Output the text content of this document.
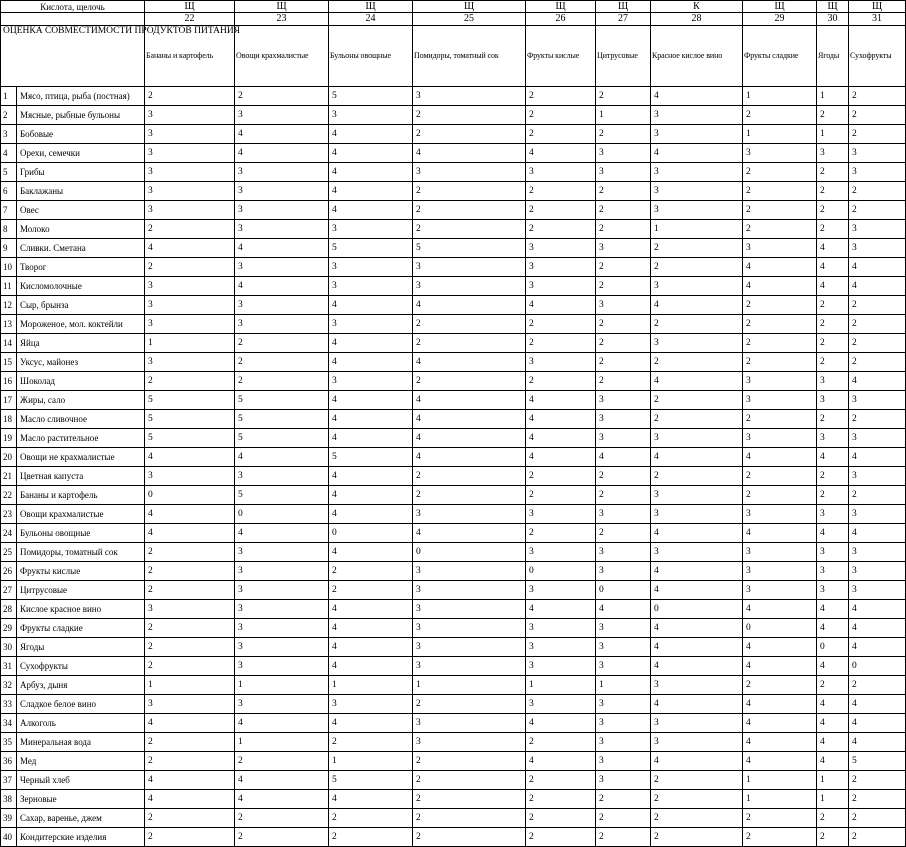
Кислота, щелочь		Щ	Щ	Щ	Щ	Щ	Щ	К	Щ	Щ	Щ
		22	23	24	25	26	27	28	29	30	31
ОЦЕНКА СОВМЕСТИМОСТИ ПРОДУКТОВ ПИТАНИЯ		Бананы и картофель	Овощи крахмалистые	Бульоны овощные	Помидоры, томатный сок	Фрукты кислые	Цитрусовые	Красное кислое вино	Фрукты сладкие	Ягоды	Сухофрукты
1	Мясо, птица, рыба (постная)	2	2	5	3	2	2	4	1	1	2
2	Мясные, рыбные бульоны	3	3	3	2	2	1	3	2	2	2
3	Бобовые	3	4	4	2	2	2	3	1	1	2
4	Орехи, семечки	3	4	4	4	4	3	4	3	3	3
5	Грибы	3	3	4	3	3	3	3	2	2	3
6	Баклажаны	3	3	4	2	2	2	3	2	2	2
7	Овес	3	3	4	2	2	2	3	2	2	2
8	Молоко	2	3	3	2	2	2	1	2	2	3
9	Сливки. Сметана	4	4	5	5	3	3	2	3	4	3
10	Творог	2	3	3	3	3	2	2	4	4	4
11	Кисломолочные	3	4	3	3	3	2	3	4	4	4
12	Сыр, брынза	3	3	4	4	4	3	4	2	2	2
13	Мороженое, мол. коктейли	3	3	3	2	2	2	2	2	2	2
14	Яйца	1	2	4	2	2	2	3	2	2	2
15	Уксус, майонез	3	2	4	4	3	2	2	2	2	2
16	Шоколад	2	2	3	2	2	2	4	3	3	4
17	Жиры, сало	5	5	4	4	4	3	2	3	3	3
18	Масло сливочное	5	5	4	4	4	3	2	2	2	2
19	Масло растительное	5	5	4	4	4	3	3	3	3	3
20	Овощи не крахмалистые	4	4	5	4	4	4	4	4	4	4
21	Цветная капуста	3	3	4	2	2	2	2	2	2	3
22	Бананы и картофель	0	5	4	2	2	2	3	2	2	2
23	Овощи крахмалистые	4	0	4	3	3	3	3	3	3	3
24	Бульоны овощные	4	4	0	4	2	2	4	4	4	4
25	Помидоры, томатный сок	2	3	4	0	3	3	3	3	3	3
26	Фрукты кислые	2	3	2	3	0	3	4	3	3	3
27	Цитрусовые	2	3	2	3	3	0	4	3	3	3
28	Кислое красное вино	3	3	4	3	4	4	0	4	4	4
29	Фрукты сладкие	2	3	4	3	3	3	4	0	4	4
30	Ягоды	2	3	4	3	3	3	4	4	0	4
31	Сухофрукты	2	3	4	3	3	3	4	4	4	0
32	Арбуз, дыня	1	1	1	1	1	1	3	2	2	2
33	Сладкое белое вино	3	3	3	2	3	3	4	4	4	4
34	Алкоголь	4	4	4	3	4	3	3	4	4	4
35	Минеральная вода	2	1	2	3	2	3	3	4	4	4
36	Мед	2	2	1	2	4	3	4	4	4	5
37	Черный хлеб	4	4	5	2	2	3	2	1	1	2
38	Зерновые	4	4	4	2	2	2	2	1	1	2
39	Сахар, варенье, джем	2	2	2	2	2	2	2	2	2	2
40	Кондитерские изделия	2	2	2	2	2	2	2	2	2	2
